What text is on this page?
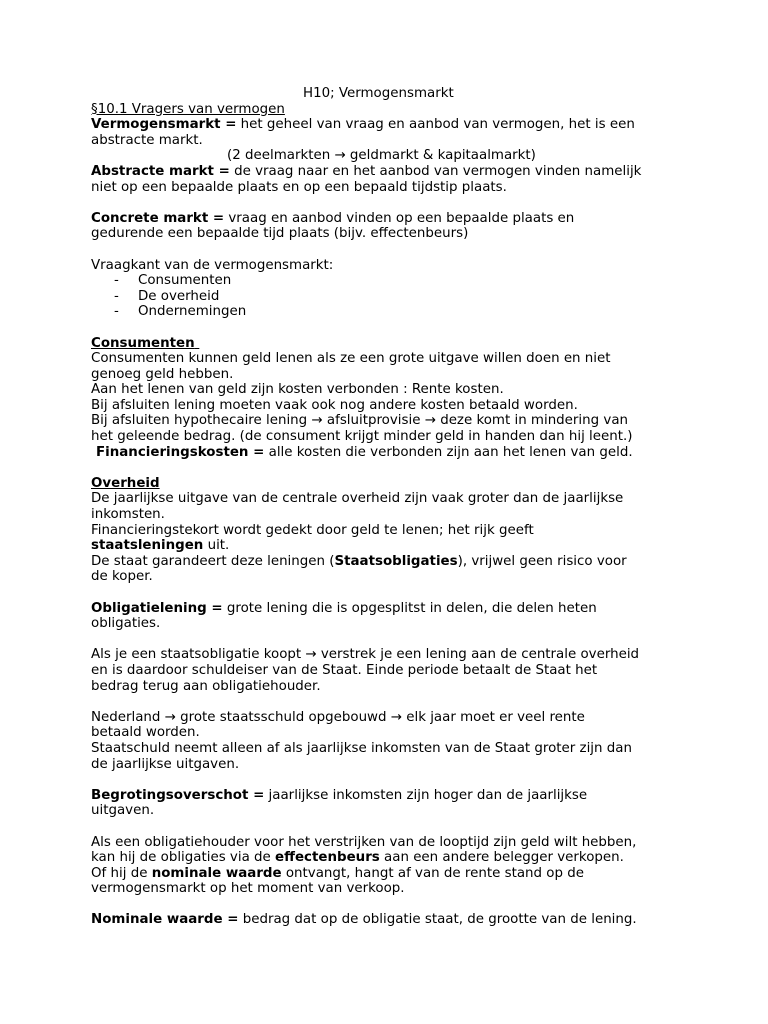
H10; Vermogensmarkt
§10.1 Vragers van vermogen
Vermogensmarkt = het geheel van vraag en aanbod van vermogen, het is een
abstracte markt.
(2 deelmarkten → geldmarkt & kapitaalmarkt)
Abstracte markt = de vraag naar en het aanbod van vermogen vinden namelijk
niet op een bepaalde plaats en op een bepaald tijdstip plaats.
Concrete markt = vraag en aanbod vinden op een bepaalde plaats en
gedurende een bepaalde tijd plaats (bijv. effectenbeurs)
Vraagkant van de vermogensmarkt:
-	Consumenten
-	De overheid
-	Ondernemingen
Consumenten
Consumenten kunnen geld lenen als ze een grote uitgave willen doen en niet
genoeg geld hebben.
Aan het lenen van geld zijn kosten verbonden : Rente kosten.
Bij afsluiten lening moeten vaak ook nog andere kosten betaald worden.
Bij afsluiten hypothecaire lening → afsluitprovisie → deze komt in mindering van
het geleende bedrag. (de consument krijgt minder geld in handen dan hij leent.)
Financieringskosten = alle kosten die verbonden zijn aan het lenen van geld.
Overheid
De jaarlijkse uitgave van de centrale overheid zijn vaak groter dan de jaarlijkse
inkomsten.
Financieringstekort wordt gedekt door geld te lenen; het rijk geeft
staatsleningen uit.
De staat garandeert deze leningen (Staatsobligaties), vrijwel geen risico voor
de koper.
Obligatielening = grote lening die is opgesplitst in delen, die delen heten
obligaties.
Als je een staatsobligatie koopt → verstrek je een lening aan de centrale overheid
en is daardoor schuldeiser van de Staat. Einde periode betaalt de Staat het
bedrag terug aan obligatiehouder.
Nederland → grote staatsschuld opgebouwd → elk jaar moet er veel rente
betaald worden.
Staatschuld neemt alleen af als jaarlijkse inkomsten van de Staat groter zijn dan
de jaarlijkse uitgaven.
Begrotingsoverschot = jaarlijkse inkomsten zijn hoger dan de jaarlijkse
uitgaven.
Als een obligatiehouder voor het verstrijken van de looptijd zijn geld wilt hebben,
kan hij de obligaties via de effectenbeurs aan een andere belegger verkopen.
Of hij de nominale waarde ontvangt, hangt af van de rente stand op de
vermogensmarkt op het moment van verkoop.
Nominale waarde = bedrag dat op de obligatie staat, de grootte van de lening.
